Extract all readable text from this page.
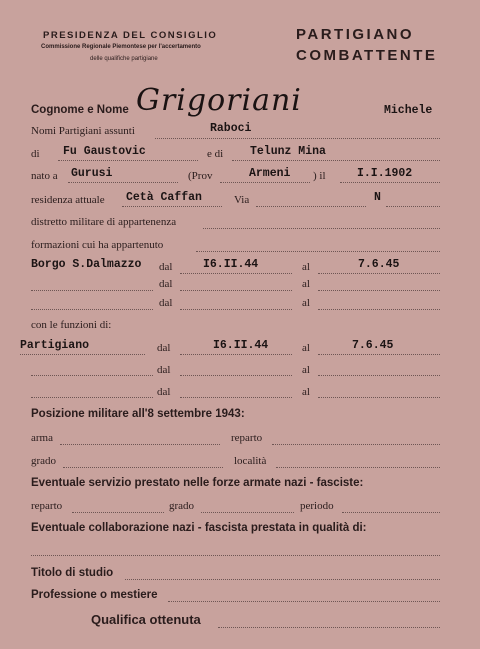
PRESIDENZA DEL CONSIGLIO
Commissione Regionale Piemontese per l'accertamento
delle qualifiche partigiane
PARTIGIANO
COMBATTENTE
Cognome e Nome Grigoriani	Michele
Nomi Partigiani assunti	Raboci
di Fu Gaustovic	e di Telunz Mina
nato a Gurusi	(Prov	Armeni ) il	I.I.1902
residenza attuale Cetà Caffan	Via	N
distretto militare di appartenenza
formazioni cui ha appartenuto
Borgo S.Dalmazzo dal	I6.II.44	al	7.6.45
dal	al
dal	al
con le funzioni di:
Partigiano	dal	I6.II.44	al	7.6.45
dal	al
dal	al
Posizione militare all'8 settembre 1943:
arma	reparto
grado	località
Eventuale servizio prestato nelle forze armate nazi - fasciste:
reparto	grado	periodo
Eventuale collaborazione nazi - fascista prestata in qualità di:
Titolo di studio
Professione o mestiere
Qualifica ottenuta
